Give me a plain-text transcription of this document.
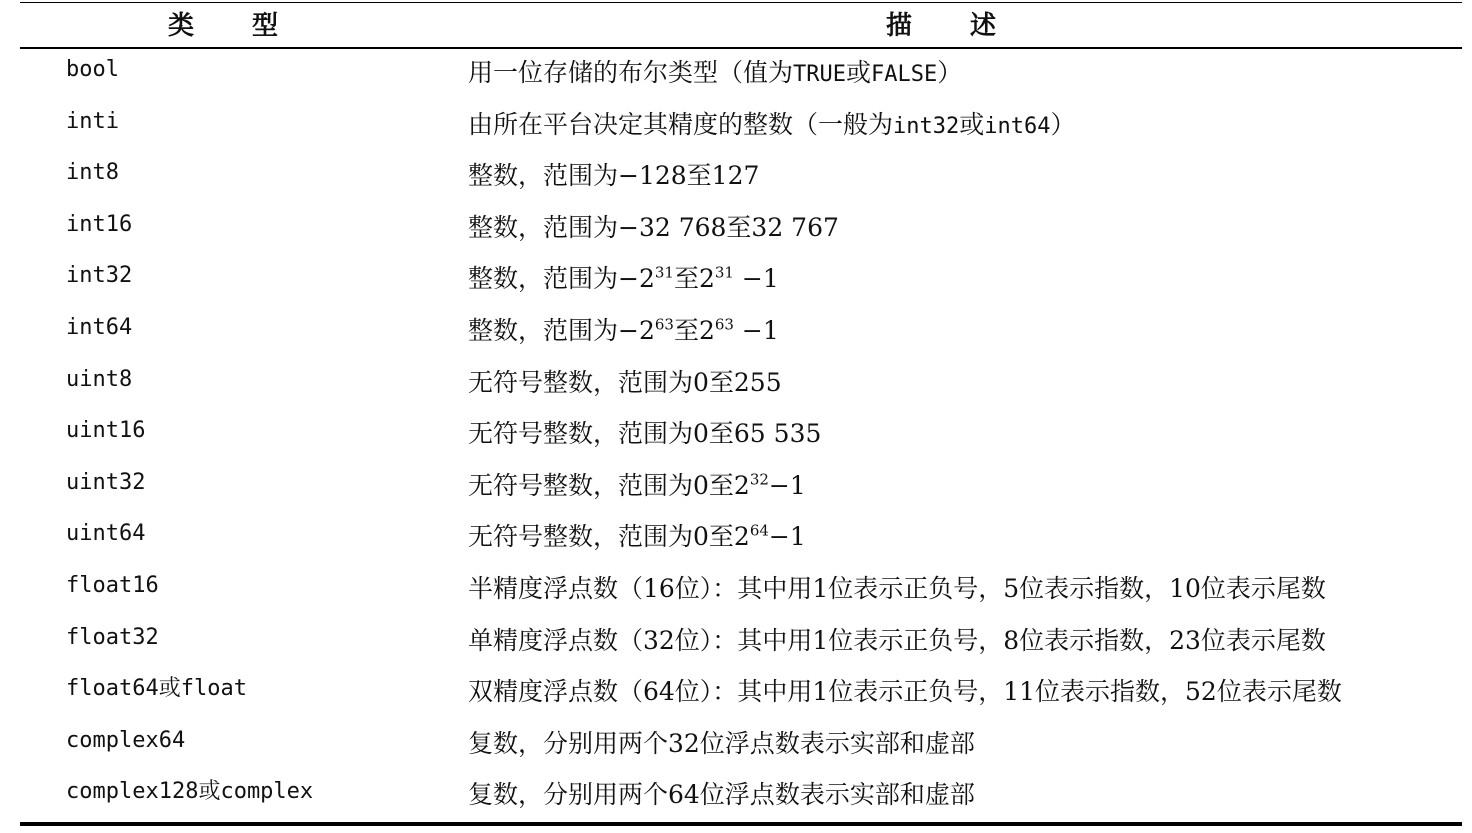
类　　型	描　　述
bool	用一位存储的布尔类型（值为TRUE或FALSE）
inti	由所在平台决定其精度的整数（一般为int32或int64）
int8	整数，范围为−128至127
int16	整数，范围为−32 768至32 767
int32	整数，范围为$-2^{31}$至$2^{31} -1$
int64	整数，范围为$-2^{63}$至$2^{63} -1$
uint8	无符号整数，范围为0至255
uint16	无符号整数，范围为0至65 535
uint32	无符号整数，范围为0至$2^{32}-1$
uint64	无符号整数，范围为0至$2^{64}-1$
float16	半精度浮点数（16位）：其中用1位表示正负号，5位表示指数，10位表示尾数
float32	单精度浮点数（32位）：其中用1位表示正负号，8位表示指数，23位表示尾数
float64或float	双精度浮点数（64位）：其中用1位表示正负号，11位表示指数，52位表示尾数
complex64	复数，分别用两个32位浮点数表示实部和虚部
complex128或complex	复数，分别用两个64位浮点数表示实部和虚部
